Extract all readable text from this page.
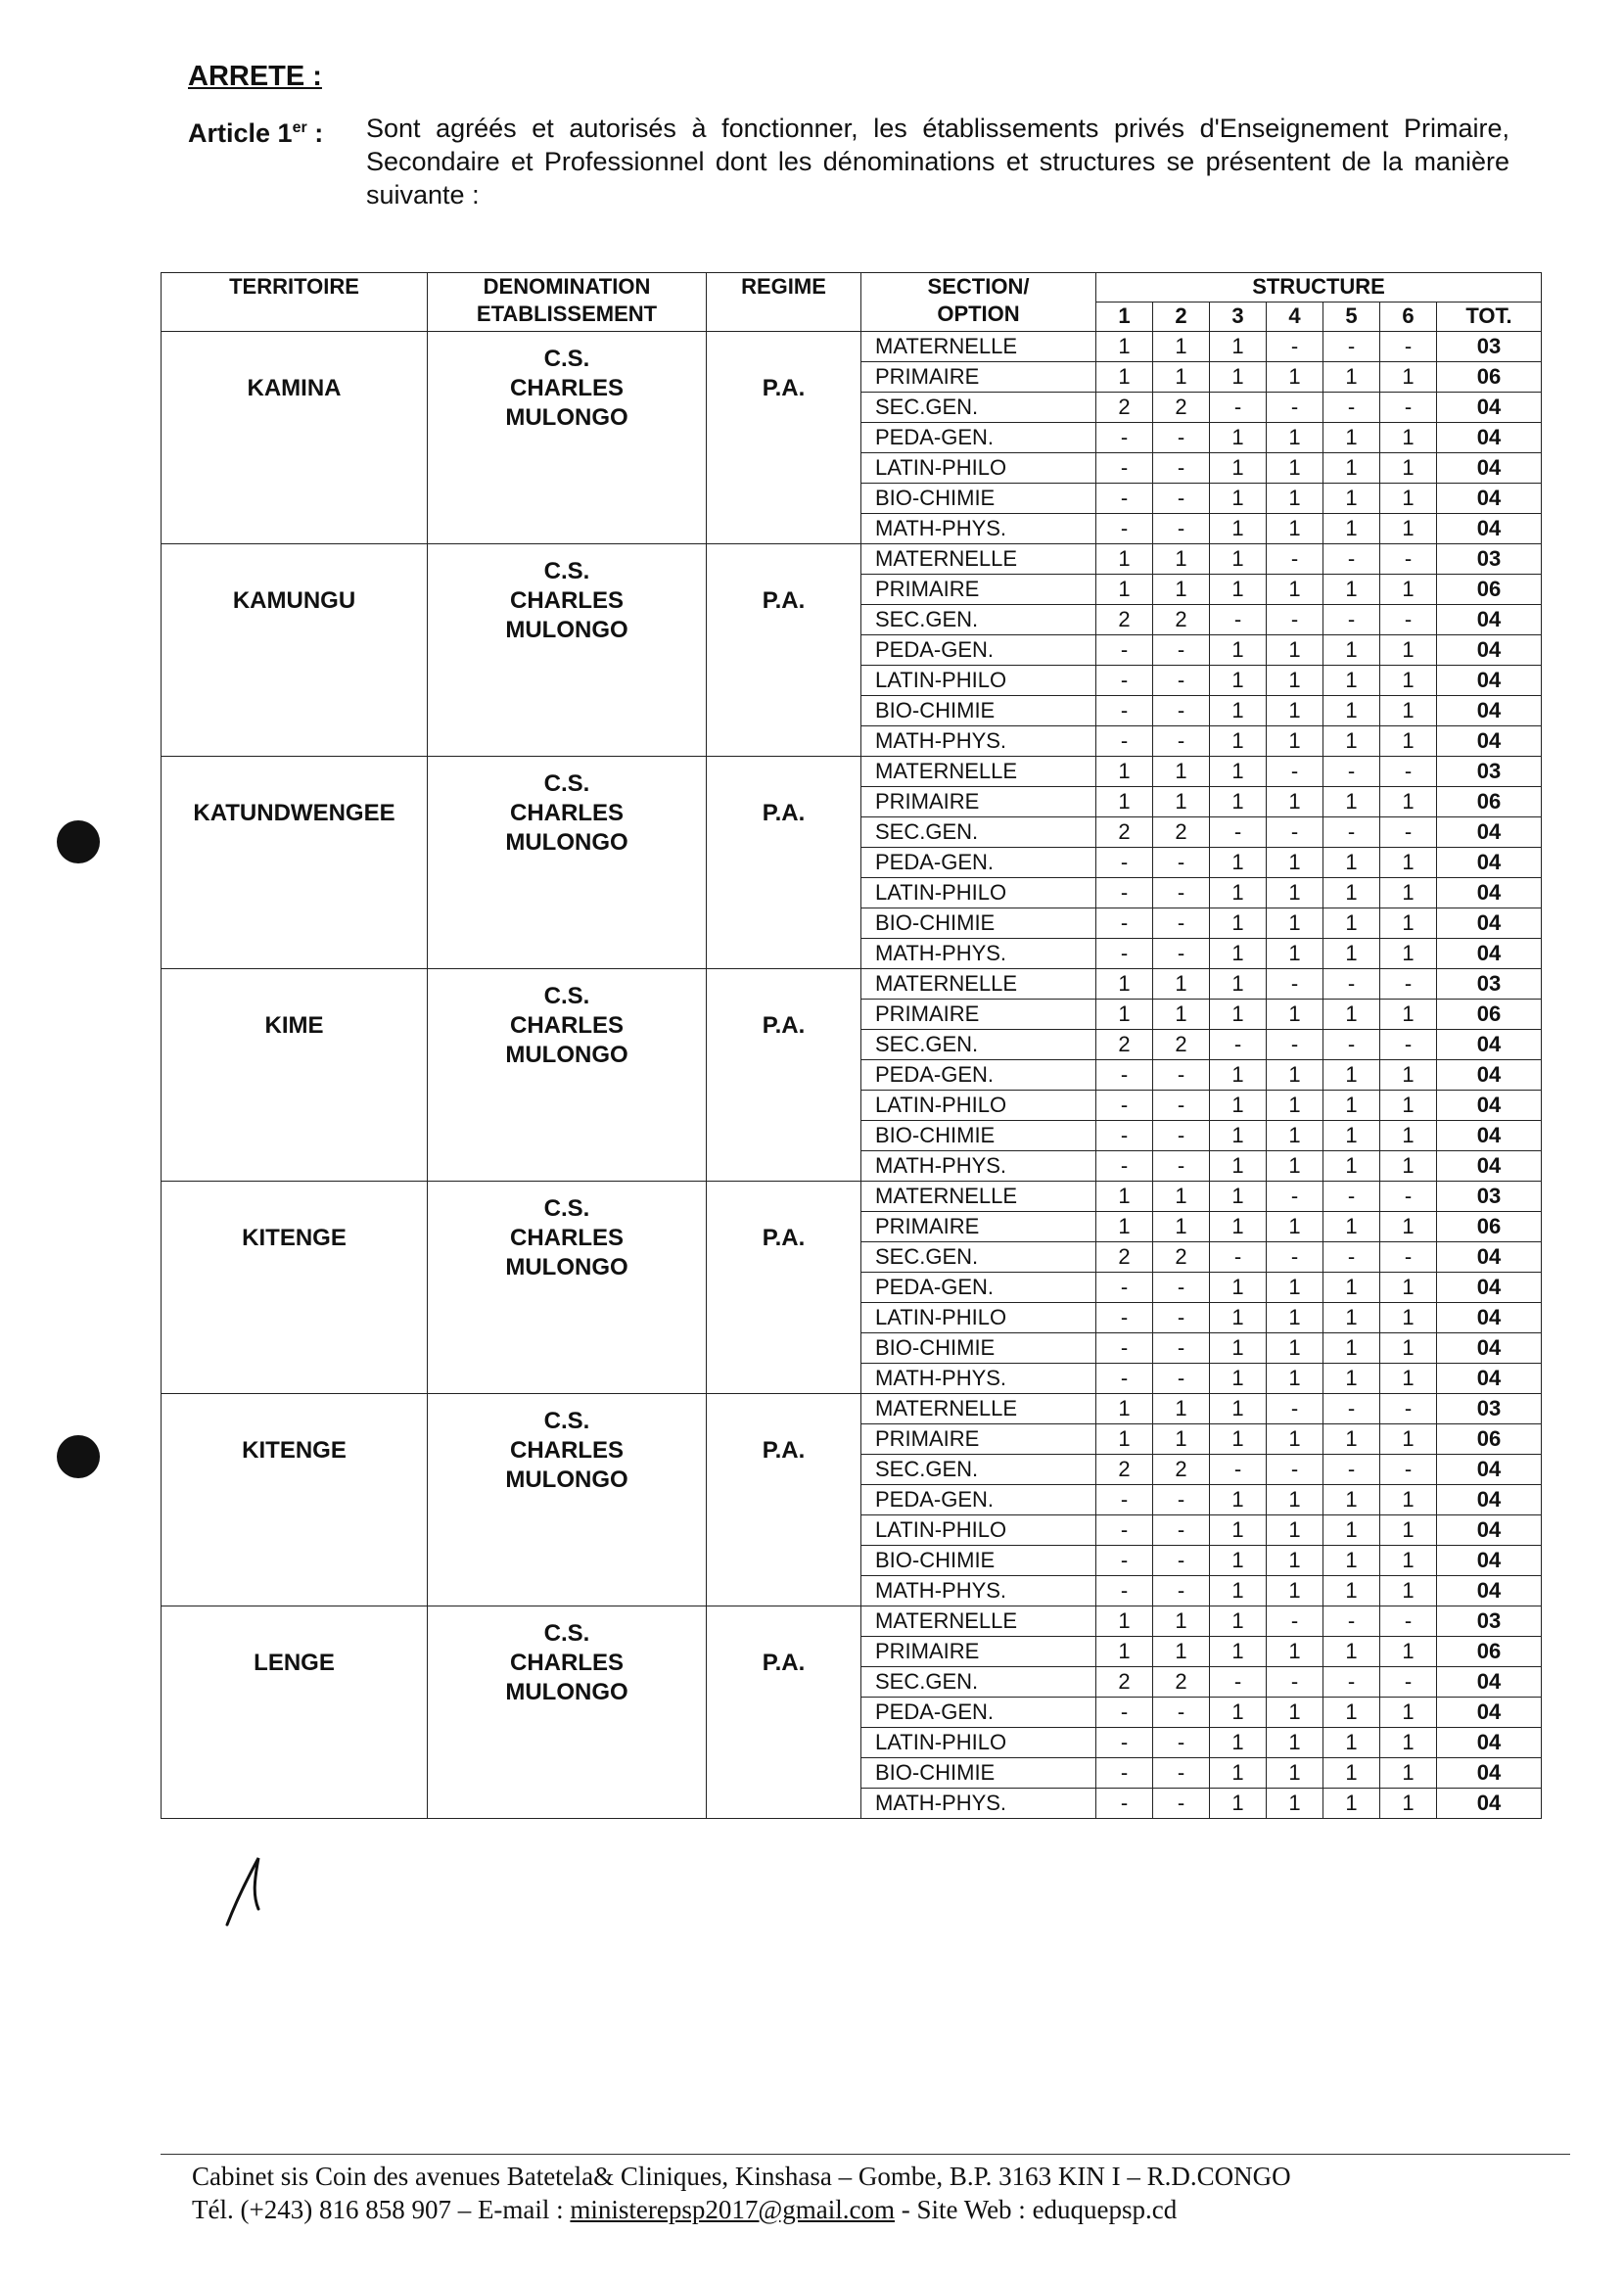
ARRETE :
Article 1er : Sont agréés et autorisés à fonctionner, les établissements privés d'Enseignement Primaire, Secondaire et Professionnel dont les dénominations et structures se présentent de la manière suivante :

TERRITOIRE	DENOMINATION
ETABLISSEMENT	REGIME	SECTION/
OPTION	STRUCTURE						
				1	2	3	4	5	6	TOT.

KAMINA	C.S.
CHARLES
MULONGO	P.A.	MATERNELLE	1	1	1	-	-	-	03
			PRIMAIRE	1	1	1	1	1	1	06
			SEC.GEN.	2	2	-	-	-	-	04
			PEDA-GEN.	-	-	1	1	1	1	04
			LATIN-PHILO	-	-	1	1	1	1	04
			BIO-CHIMIE	-	-	1	1	1	1	04
			MATH-PHYS.	-	-	1	1	1	1	04

KAMUNGU	C.S.
CHARLES
MULONGO	P.A.	MATERNELLE	1	1	1	-	-	-	03
			PRIMAIRE	1	1	1	1	1	1	06
			SEC.GEN.	2	2	-	-	-	-	04
			PEDA-GEN.	-	-	1	1	1	1	04
			LATIN-PHILO	-	-	1	1	1	1	04
			BIO-CHIMIE	-	-	1	1	1	1	04
			MATH-PHYS.	-	-	1	1	1	1	04

KATUNDWENGEE	C.S.
CHARLES
MULONGO	P.A.	MATERNELLE	1	1	1	-	-	-	03
			PRIMAIRE	1	1	1	1	1	1	06
			SEC.GEN.	2	2	-	-	-	-	04
			PEDA-GEN.	-	-	1	1	1	1	04
			LATIN-PHILO	-	-	1	1	1	1	04
			BIO-CHIMIE	-	-	1	1	1	1	04
			MATH-PHYS.	-	-	1	1	1	1	04

KIME	C.S.
CHARLES
MULONGO	P.A.	MATERNELLE	1	1	1	-	-	-	03
			PRIMAIRE	1	1	1	1	1	1	06
			SEC.GEN.	2	2	-	-	-	-	04
			PEDA-GEN.	-	-	1	1	1	1	04
			LATIN-PHILO	-	-	1	1	1	1	04
			BIO-CHIMIE	-	-	1	1	1	1	04
			MATH-PHYS.	-	-	1	1	1	1	04

KITENGE	C.S.
CHARLES
MULONGO	P.A.	MATERNELLE	1	1	1	-	-	-	03
			PRIMAIRE	1	1	1	1	1	1	06
			SEC.GEN.	2	2	-	-	-	-	04
			PEDA-GEN.	-	-	1	1	1	1	04
			LATIN-PHILO	-	-	1	1	1	1	04
			BIO-CHIMIE	-	-	1	1	1	1	04
			MATH-PHYS.	-	-	1	1	1	1	04

KITENGE	C.S.
CHARLES
MULONGO	P.A.	MATERNELLE	1	1	1	-	-	-	03
			PRIMAIRE	1	1	1	1	1	1	06
			SEC.GEN.	2	2	-	-	-	-	04
			PEDA-GEN.	-	-	1	1	1	1	04
			LATIN-PHILO	-	-	1	1	1	1	04
			BIO-CHIMIE	-	-	1	1	1	1	04
			MATH-PHYS.	-	-	1	1	1	1	04

LENGE	C.S.
CHARLES
MULONGO	P.A.	MATERNELLE	1	1	1	-	-	-	03
			PRIMAIRE	1	1	1	1	1	1	06
			SEC.GEN.	2	2	-	-	-	-	04
			PEDA-GEN.	-	-	1	1	1	1	04
			LATIN-PHILO	-	-	1	1	1	1	04
			BIO-CHIMIE	-	-	1	1	1	1	04
			MATH-PHYS.	-	-	1	1	1	1	04
Cabinet sis Coin des avenues Batetela& Cliniques, Kinshasa – Gombe, B.P. 3163 KIN I – R.D.CONGO
Tél. (+243) 816 858 907 – E-mail : ministerepsp2017@gmail.com - Site Web : eduquepsp.cd
